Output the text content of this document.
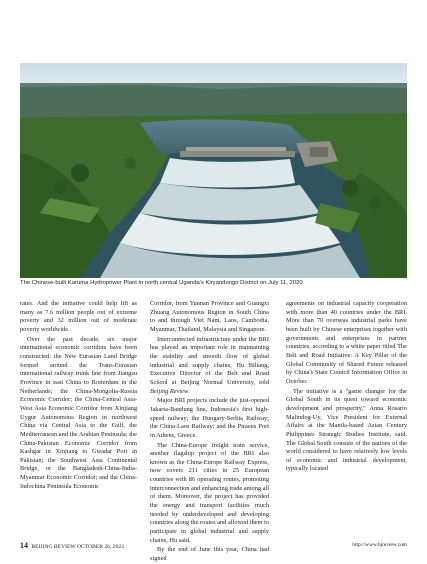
XINHUA
The Chinese-built Karuma Hydropower Plant in north central Uganda's Kiryandongo District on July 11, 2020

rates. And the initiative could help lift as many as 7.6 million people out of extreme poverty and 32 million out of moderate poverty worldwide.

Over the past decade, six major international economic corridors have been constructed: the New Eurasian Land Bridge formed around the Trans-Eurasian international railway trunk line from Jiangsu Province in east China to Rotterdam in the Netherlands; the China-Mongolia-Russia Economic Corridor; the China-Central Asia-West Asia Economic Corridor from Xinjiang Uygur Autonomous Region in northwest China via Central Asia to the Gulf, the Mediterranean and the Arabian Peninsula; the China-Pakistan Economic Corridor from Kashgar in Xinjiang to Gwadar Port in Pakistan; the Southwest Asia Continental Bridge, or the Bangladesh-China-India-Myanmar Economic Corridor; and the China-Indochina Peninsula Economic

Corridor, from Yunnan Province and Guangxi Zhuang Autonomous Region in South China to and through Viet Nam, Laos, Cambodia, Myanmar, Thailand, Malaysia and Singapore.

Interconnected infrastructure under the BRI has played an important role in maintaining the stability and smooth flow of global industrial and supply chains, Hu Biliang, Executive Director of the Belt and Road School at Beijing Normal University, told Beijing Review.

Major BRI projects include the just-opened Jakarta-Bandung line, Indonesia's first high-speed railway; the Hungary-Serbia Railway; the China-Laos Railway; and the Piraeus Port in Athens, Greece.

The China-Europe freight train service, another flagship project of the BRI also known as the China-Europe Railway Express, now covers 211 cities in 25 European countries with 86 operating routes, promoting interconnection and enhancing trade among all of them. Moreover, the project has provided the energy and transport facilities much needed by underdeveloped and developing countries along the routes and allowed them to participate in global industrial and supply chains, Hu said.

By the end of June this year, China had signed

agreements on industrial capacity cooperation with more than 40 countries under the BRI. More than 70 overseas industrial parks have been built by Chinese enterprises together with governments and enterprises in partner countries, according to a white paper titled The Belt and Road Initiative: A Key Pillar of the Global Community of Shared Future released by China's State Council Information Office in October.

The initiative is a "game changer for the Global South in its quest toward economic development and prosperity," Anna Rosario Malindog-Uy, Vice President for External Affairs at the Manila-based Asian Century Philippines Strategic Studies Institute, said. The Global South consists of the nations of the world considered to have relatively low levels of economic and industrial development, typically located

14 BEIJING REVIEW OCTOBER 26, 2023	http://www.bjreview.com
